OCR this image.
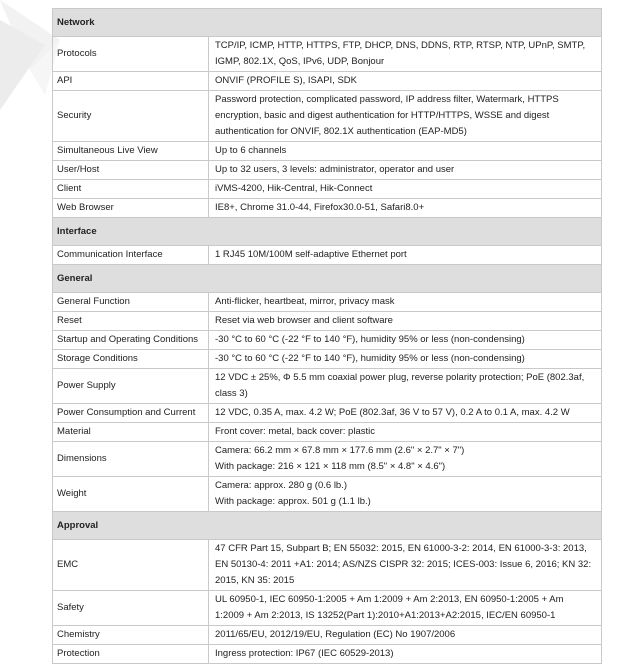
Network	
Protocols	TCP/IP, ICMP, HTTP, HTTPS, FTP, DHCP, DNS, DDNS, RTP, RTSP, NTP, UPnP, SMTP,
IGMP, 802.1X, QoS, IPv6, UDP, Bonjour

API	ONVIF (PROFILE S), ISAPI, SDK

Security	Password protection, complicated password, IP address filter, Watermark, HTTPS
encryption, basic and digest authentication for HTTP/HTTPS, WSSE and digest
authentication for ONVIF, 802.1X authentication (EAP-MD5)

Simultaneous Live View	Up to 6 channels

User/Host	Up to 32 users, 3 levels: administrator, operator and user

Client	iVMS-4200, Hik-Central, Hik-Connect

Web Browser	IE8+, Chrome 31.0-44, Firefox30.0-51, Safari8.0+

Interface	
Communication Interface	1 RJ45 10M/100M self-adaptive Ethernet port

General	
General Function	Anti-flicker, heartbeat, mirror, privacy mask

Reset	Reset via web browser and client software

Startup and Operating Conditions	-30 °C to 60 °C (-22 °F to 140 °F), humidity 95% or less (non-condensing)

Storage Conditions	-30 °C to 60 °C (-22 °F to 140 °F), humidity 95% or less (non-condensing)

Power Supply	12 VDC ± 25%, Φ 5.5 mm coaxial power plug, reverse polarity protection; PoE (802.3af,
class 3)

Power Consumption and Current	12 VDC, 0.35 A, max. 4.2 W; PoE (802.3af, 36 V to 57 V), 0.2 A to 0.1 A, max. 4.2 W

Material	Front cover: metal, back cover: plastic

Dimensions	Camera: 66.2 mm × 67.8 mm × 177.6 mm (2.6" × 2.7" × 7")
With package: 216 × 121 × 118 mm (8.5" × 4.8" × 4.6")

Weight	Camera: approx. 280 g (0.6 lb.)
With package: approx. 501 g (1.1 lb.)

Approval	
EMC	47 CFR Part 15, Subpart B; EN 55032: 2015, EN 61000-3-2: 2014, EN 61000-3-3: 2013,
EN 50130-4: 2011 +A1: 2014; AS/NZS CISPR 32: 2015; ICES-003: Issue 6, 2016; KN 32:
2015, KN 35: 2015

Safety	UL 60950-1, IEC 60950-1:2005 + Am 1:2009 + Am 2:2013, EN 60950-1:2005 + Am
1:2009 + Am 2:2013, IS 13252(Part 1):2010+A1:2013+A2:2015, IEC/EN 60950-1

Chemistry	2011/65/EU, 2012/19/EU, Regulation (EC) No 1907/2006

Protection	Ingress protection: IP67 (IEC 60529-2013)
